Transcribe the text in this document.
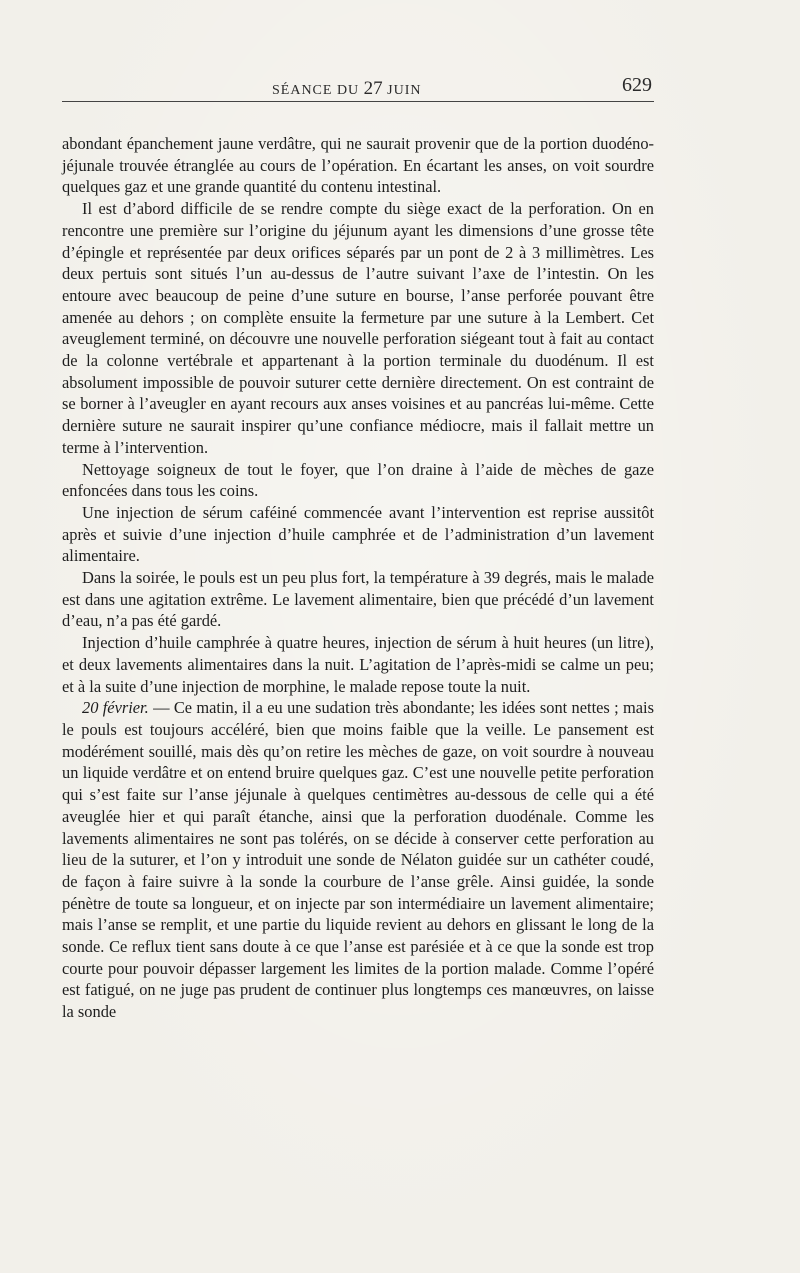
SÉANCE DU 27 JUIN	629

abondant épanchement jaune verdâtre, qui ne saurait provenir que de la portion duodéno-jéjunale trouvée étranglée au cours de l’opération. En écartant les anses, on voit sourdre quelques gaz et une grande quantité du contenu intestinal.

Il est d’abord difficile de se rendre compte du siège exact de la perforation. On en rencontre une première sur l’origine du jéjunum ayant les dimensions d’une grosse tête d’épingle et représentée par deux orifices séparés par un pont de 2 à 3 millimètres. Les deux pertuis sont situés l’un au-dessus de l’autre suivant l’axe de l’intestin. On les entoure avec beaucoup de peine d’une suture en bourse, l’anse perforée pouvant être amenée au dehors ; on complète ensuite la fermeture par une suture à la Lembert. Cet aveuglement terminé, on découvre une nouvelle perforation siégeant tout à fait au contact de la colonne vertébrale et appartenant à la portion terminale du duodénum. Il est absolument impossible de pouvoir suturer cette dernière directement. On est contraint de se borner à l’aveugler en ayant recours aux anses voisines et au pancréas lui-même. Cette dernière suture ne saurait inspirer qu’une confiance médiocre, mais il fallait mettre un terme à l’intervention.

Nettoyage soigneux de tout le foyer, que l’on draine à l’aide de mèches de gaze enfoncées dans tous les coins.

Une injection de sérum caféiné commencée avant l’intervention est reprise aussitôt après et suivie d’une injection d’huile camphrée et de l’administration d’un lavement alimentaire.

Dans la soirée, le pouls est un peu plus fort, la température à 39 degrés, mais le malade est dans une agitation extrême. Le lavement alimentaire, bien que précédé d’un lavement d’eau, n’a pas été gardé.

Injection d’huile camphrée à quatre heures, injection de sérum à huit heures (un litre), et deux lavements alimentaires dans la nuit. L’agitation de l’après-midi se calme un peu; et à la suite d’une injection de morphine, le malade repose toute la nuit.

20 février. — Ce matin, il a eu une sudation très abondante; les idées sont nettes ; mais le pouls est toujours accéléré, bien que moins faible que la veille. Le pansement est modérément souillé, mais dès qu’on retire les mèches de gaze, on voit sourdre à nouveau un liquide verdâtre et on entend bruire quelques gaz. C’est une nouvelle petite perforation qui s’est faite sur l’anse jéjunale à quelques centimètres au-dessous de celle qui a été aveuglée hier et qui paraît étanche, ainsi que la perforation duodénale. Comme les lavements alimentaires ne sont pas tolérés, on se décide à conserver cette perforation au lieu de la suturer, et l’on y introduit une sonde de Nélaton guidée sur un cathéter coudé, de façon à faire suivre à la sonde la courbure de l’anse grêle. Ainsi guidée, la sonde pénètre de toute sa longueur, et on injecte par son intermédiaire un lavement alimentaire; mais l’anse se remplit, et une partie du liquide revient au dehors en glissant le long de la sonde. Ce reflux tient sans doute à ce que l’anse est parésiée et à ce que la sonde est trop courte pour pouvoir dépasser largement les limites de la portion malade. Comme l’opéré est fatigué, on ne juge pas prudent de continuer plus longtemps ces manœuvres, on laisse la sonde
